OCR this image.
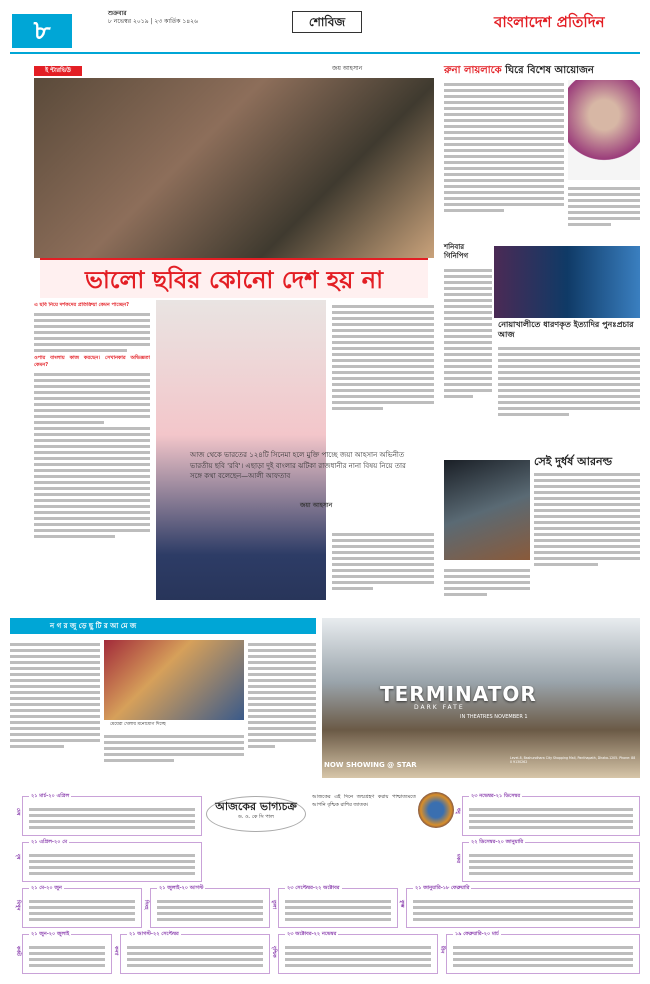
৮
শুক্রবার
৮ নভেম্বর ২০১৯ | ২৩ কার্তিক ১৪২৬	শোবিজ	বাংলাদেশ প্রতিদিন
ই ন্টারভিউ	জয় আহসান
ভালো ছবির কোনো দেশ হয় না
এ ছবি নিয়ে দর্শকদের প্রতিক্রিয়া কেমন পাচ্ছেন?
ওপার বাংলায় কাজ করছেন। সেখানকার অভিজ্ঞতা কেমন?
আজ থেকে ভারতের ১২৪টি সিনেমা হলে মুক্তি পাচ্ছে জয়া আহসান অভিনীত ভারতীয় ছবি 'রবি'। এছাড়া দুই বাংলার ঝটিকা রাজধানীর নানা বিষয় নিয়ে তার সঙ্গে কথা বলেছেন—আলী আফতাব
জয়া আহসান
রুনা লায়লাকে ঘিরে বিশেষ আয়োজন
শনিবার গিনিপিগ
নোয়াখালীতে ধারণকৃত ইত্যাদির পুনঃপ্রচার আজ
সেই দুর্ধর্ষ আরনল্ড
ন গ র জু ড়ে ছু টি র আ মে জ
মেয়েরা খেলায় মনোযোগ দিচ্ছে
TERMINATOR
DARK FATE
IN THEATRES NOVEMBER 1
NOW SHOWING @ STAR
Level-8, Bashundhara City Shopping Mall, Panthapath, Dhaka-1205. Phone: 88 0 9130262
আজকের ভাগ্যচক্র
ড. ও. কে সি পাল
আজকের এই দিনে জন্মগ্রহণ করায় পাশ্চাত্যমতে আপনি বৃশ্চিক রাশির জাতক।
মেষ
২১ মার্চ-২০ এপ্রিল
বৃষ
২১ এপ্রিল-২০ মে
মিথুন
২১ মে-২০ জুন
কর্কট
২১ জুন-২০ জুলাই
সিংহ
২১ জুলাই-২০ আগস্ট
কন্যা
২১ আগস্ট-২২ সেপ্টেম্বর
তুলা
২৩ সেপ্টেম্বর-২২ অক্টোবর
বৃশ্চিক
২৩ অক্টোবর-২২ নভেম্বর
ধনু
২৩ নভেম্বর-২১ ডিসেম্বর
মকর
২২ ডিসেম্বর-২০ জানুয়ারি
কুম্ভ
২১ জানুয়ারি-১৮ ফেব্রুয়ারি
মীন
১৯ ফেব্রুয়ারি-২০ মার্চ
